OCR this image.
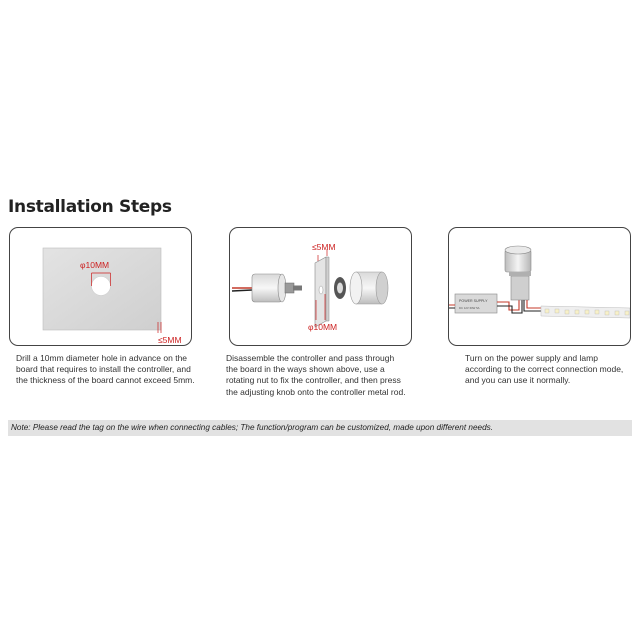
Installation Steps
φ10MM
≤5MM
≤5MM
φ10MM
POWER SUPPLY
DC 12V 60W 5A
Drill a 10mm diameter hole in advance on the board that requires to install the controller, and the thickness of the board cannot exceed 5mm.
Disassemble the controller and pass through the board in the ways shown above, use a rotating nut to fix the controller, and then press the adjusting knob onto the controller metal rod.
Turn on the power supply and lamp according to the correct connection mode, and you can use it normally.
Note: Please read the tag on the wire when connecting cables; The function/program can be customized, made upon different needs.
